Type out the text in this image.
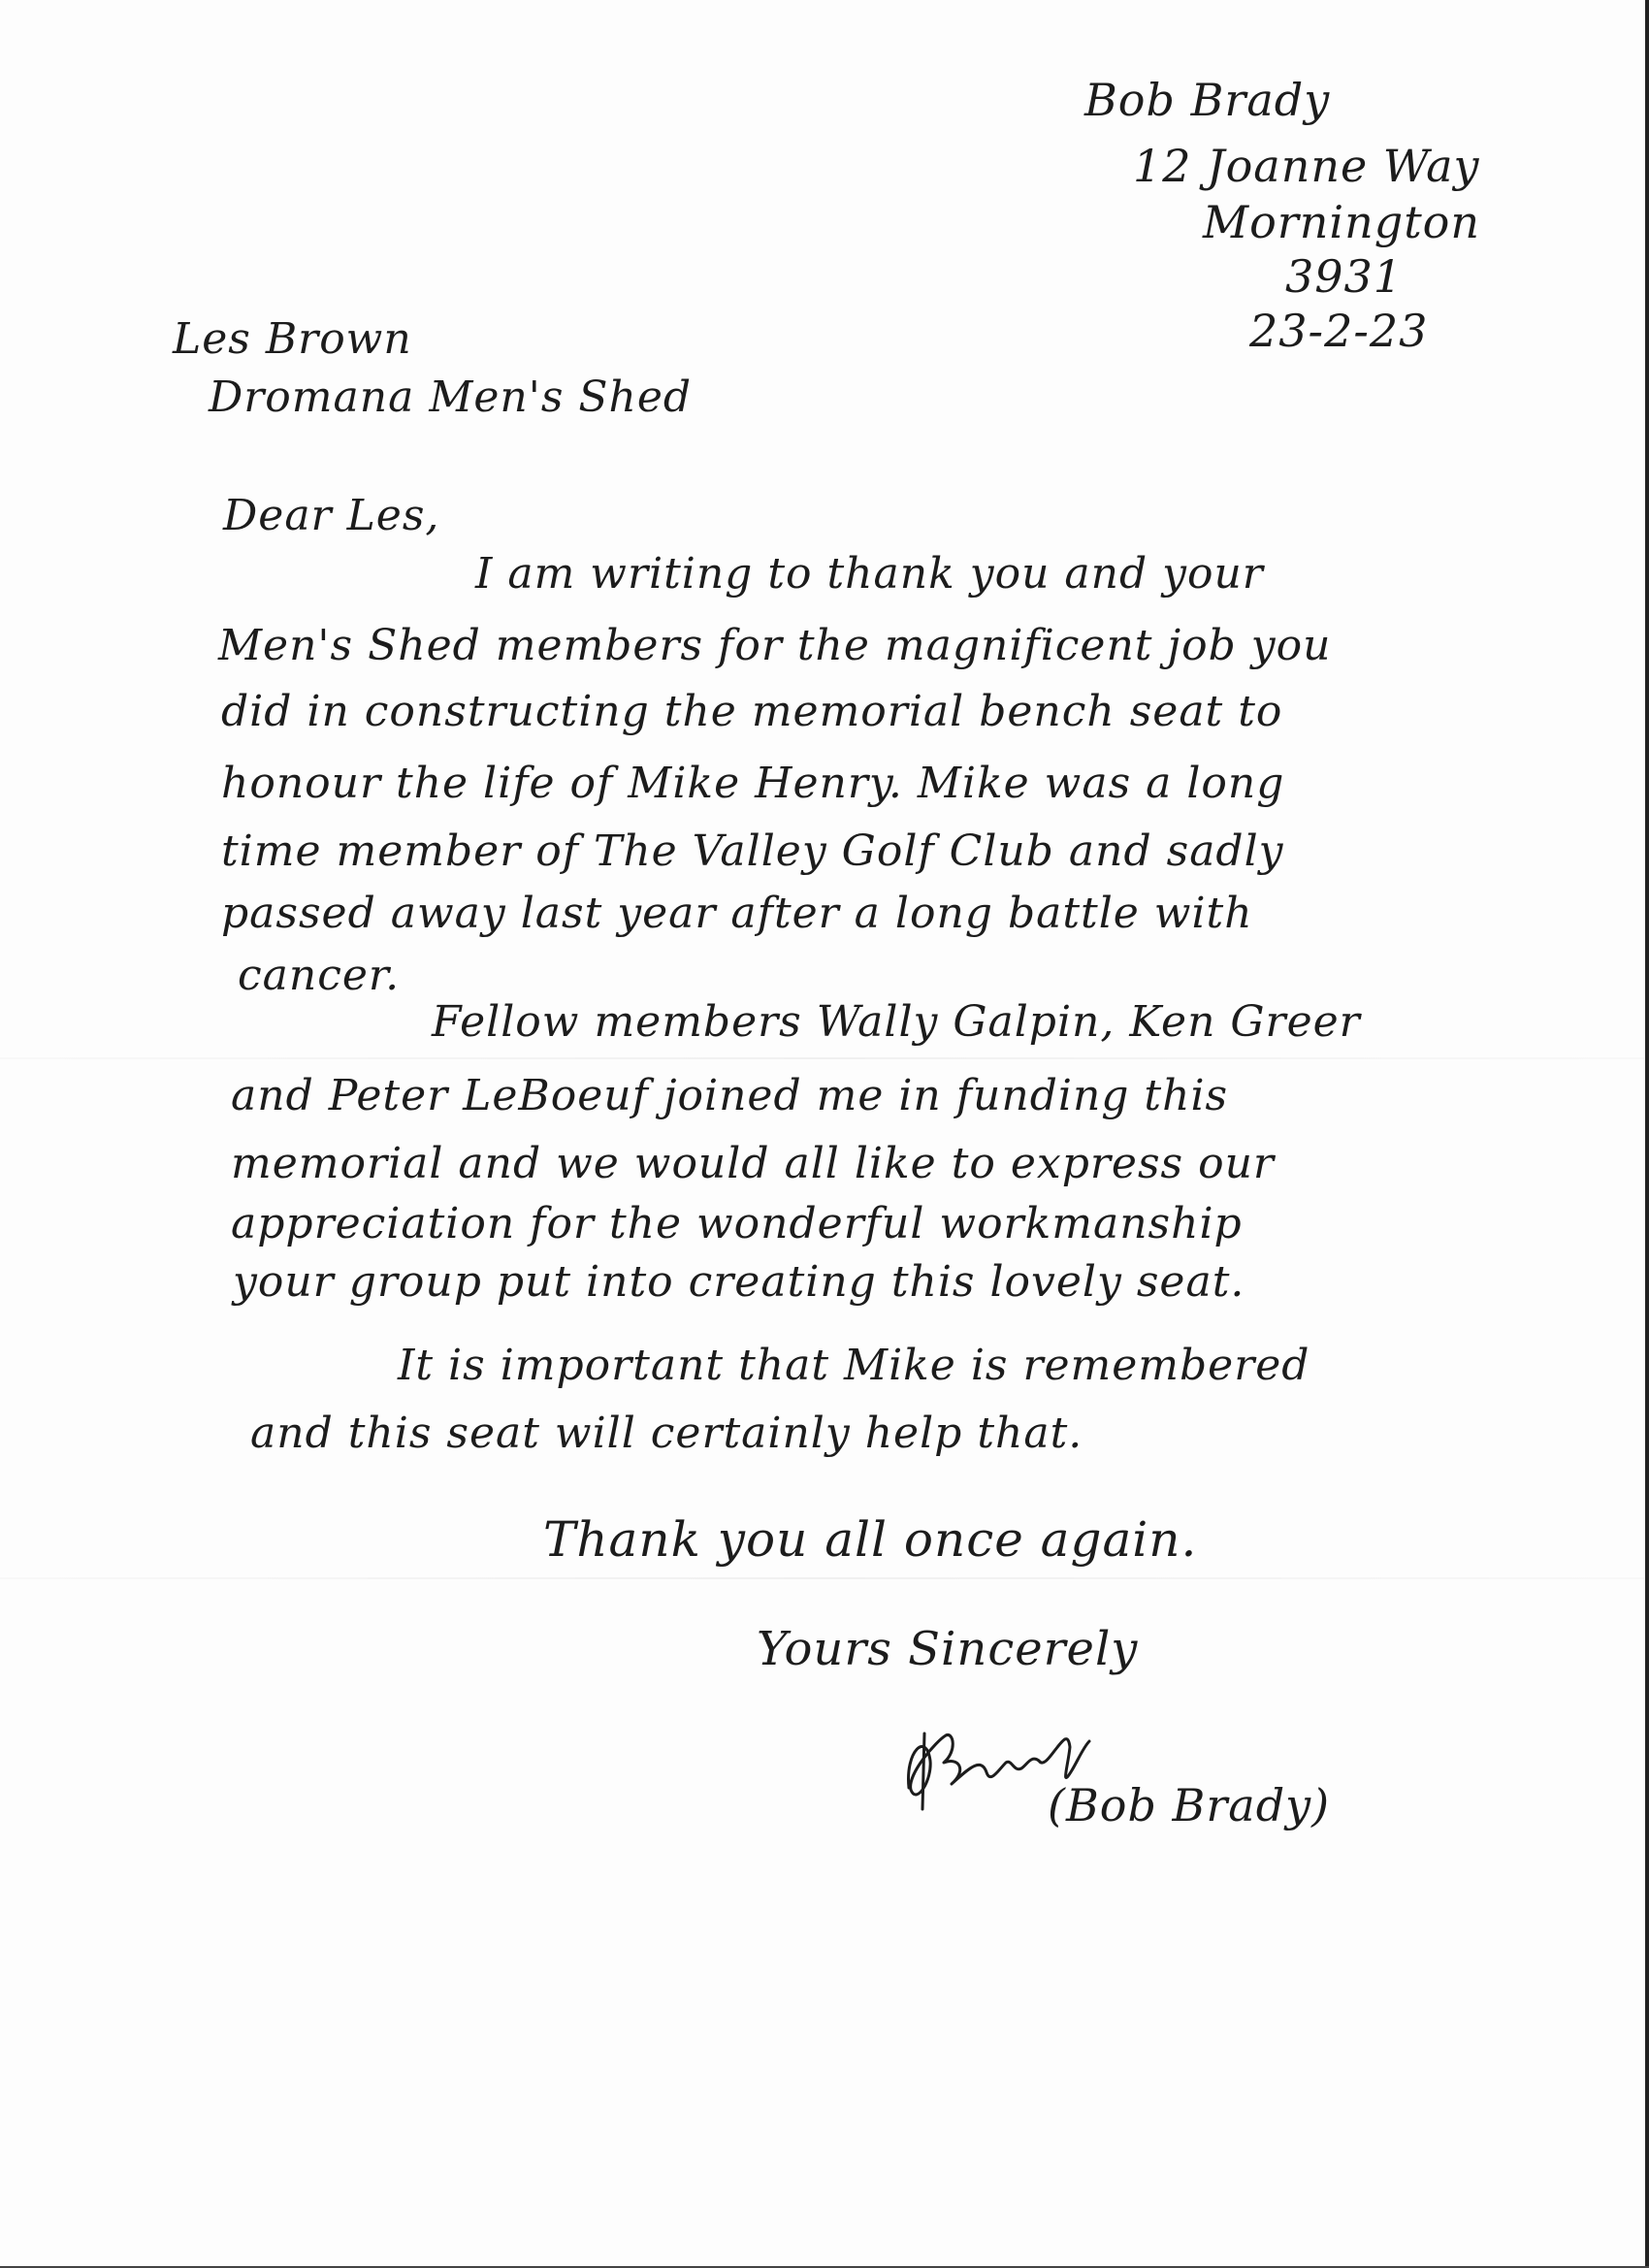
Bob Brady
12 Joanne Way
Mornington
3931
23-2-23
Les Brown
Dromana Men's Shed
Dear Les,
I am writing to thank you and your
Men's Shed members for the magnificent job you
did in constructing the memorial bench seat to
honour the life of Mike Henry. Mike was a long
time member of The Valley Golf Club and sadly
passed away last year after a long battle with
cancer.
Fellow members Wally Galpin, Ken Greer
and Peter LeBoeuf joined me in funding this
memorial and we would all like to express our
appreciation for the wonderful workmanship
your group put into creating this lovely seat.
It is important that Mike is remembered
and this seat will certainly help that.
Thank you all once again.
Yours Sincerely
(Bob Brady)
